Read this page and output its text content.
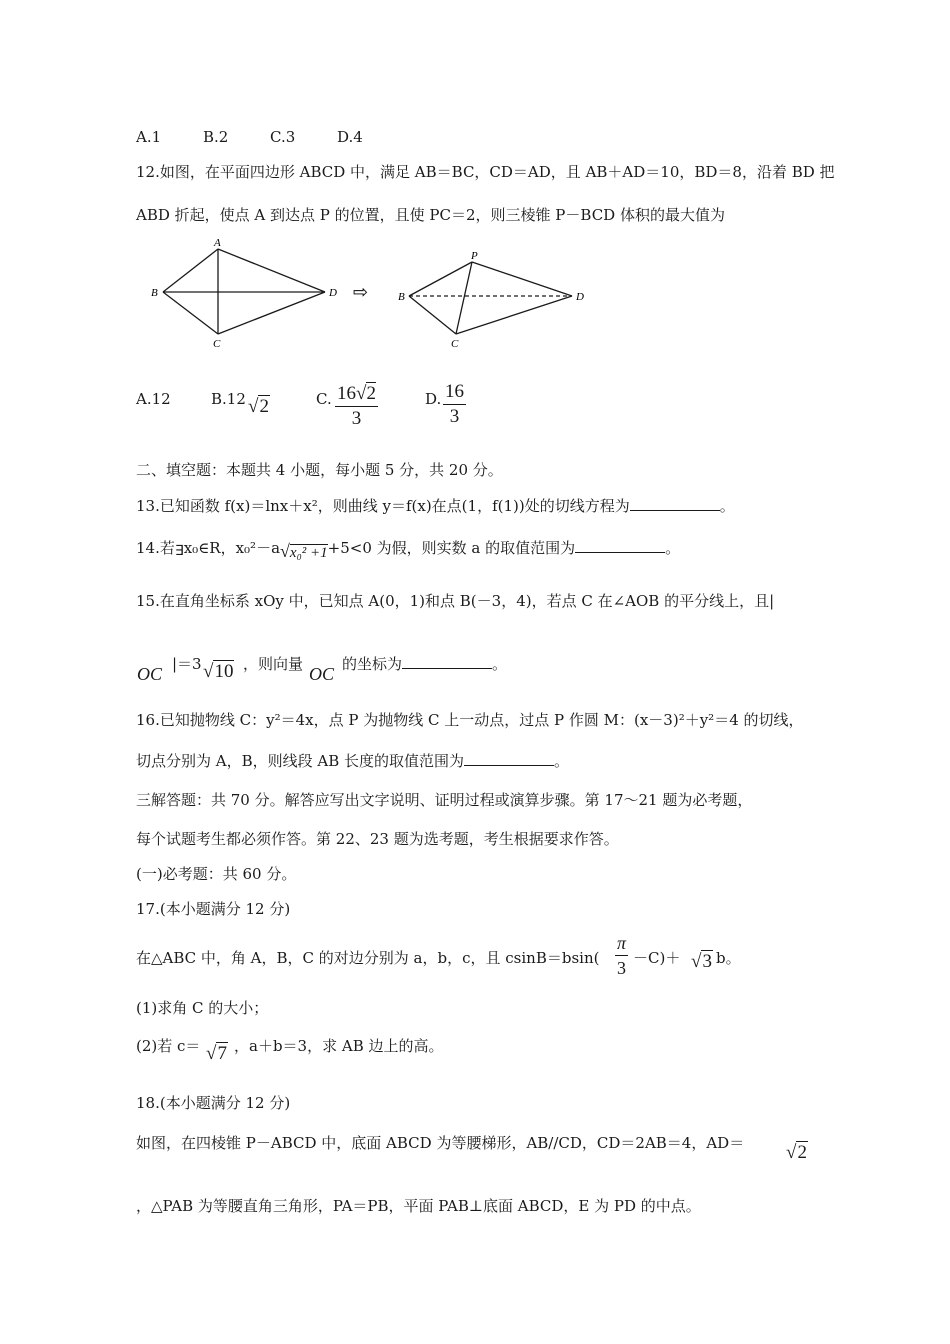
A.1	B.2	C.3	D.4
12.如图，在平面四边形 ABCD 中，满足 AB＝BC，CD＝AD，且 AB＋AD＝10，BD＝8，沿着 BD 把
ABD 折起，使点 A 到达点 P 的位置，且使 PC＝2，则三棱锥 P－BCD 体积的最大值为
A
B
C
D ⇨
P
B
C
D
A.12	B.12 √2	C. $\frac{16√2}{3}$	D. $\frac{16}{3}$
二、填空题：本题共 4 小题，每小题 5 分，共 20 分。
13.已知函数 f(x)＝lnx＋x²，则曲线 y＝f(x)在点(1，f(1))处的切线方程为	。
14.若∃x₀∈R，x₀²－a√x₀² +1+5<0 为假，则实数 a 的取值范围为	。
15.在直角坐标系 xOy 中，已知点 A(0，1)和点 B(－3，4)，若点 C 在∠AOB 的平分线上，且|
OC |＝3 √10 ，则向量 OC 的坐标为	。
16.已知抛物线 C：y²＝4x，点 P 为抛物线 C 上一动点，过点 P 作圆 M：(x－3)²＋y²＝4 的切线，
切点分别为 A，B，则线段 AB 长度的取值范围为	。
三解答题：共 70 分。解答应写出文字说明、证明过程或演算步骤。第 17～21 题为必考题，
每个试题考生都必须作答。第 22、23 题为选考题，考生根据要求作答。
(一)必考题：共 60 分。
17.(本小题满分 12 分)
在△ABC 中，角 A，B，C 的对边分别为 a，b，c，且 $csinB=bsin( \frac{\pi}{3} -C)+ √3$ b。
(1)求角 C 的大小；
(2)若 c＝ √7 ，a＋b＝3，求 AB 边上的高。
18.(本小题满分 12 分)
如图，在四棱锥 P－ABCD 中，底面 ABCD 为等腰梯形，AB//CD，CD＝2AB＝4，AD＝ √2
，△PAB 为等腰直角三角形，PA＝PB，平面 PAB⊥底面 ABCD，E 为 PD 的中点。
